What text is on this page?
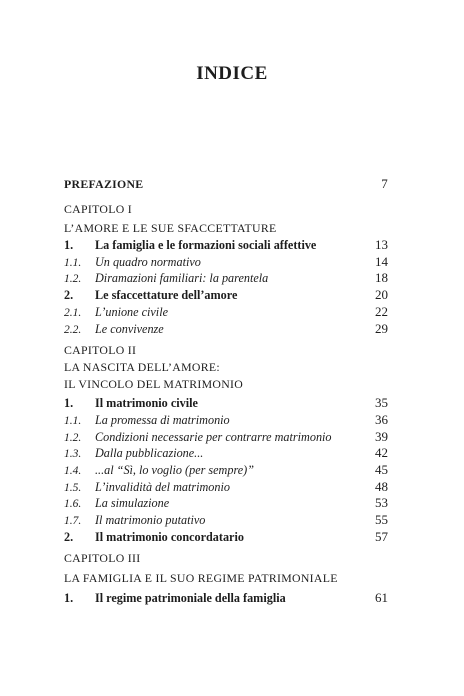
INDICE
PREFAZIONE	7
CAPITOLO I
L’AMORE E LE SUE SFACCETTATURE
1.	La famiglia e le formazioni sociali affettive	13
1.1.	Un quadro normativo	14
1.2.	Diramazioni familiari: la parentela	18
2.	Le sfaccettature dell’amore	20
2.1.	L’unione civile	22
2.2.	Le convivenze	29
CAPITOLO II
LA NASCITA DELL’AMORE:
IL VINCOLO DEL MATRIMONIO
1.	Il matrimonio civile	35
1.1.	La promessa di matrimonio	36
1.2.	Condizioni necessarie per contrarre matrimonio	39
1.3.	Dalla pubblicazione...	42
1.4.	...al “Sì, lo voglio (per sempre)”	45
1.5.	L’invalidità del matrimonio	48
1.6.	La simulazione	53
1.7.	Il matrimonio putativo	55
2.	Il matrimonio concordatario	57
CAPITOLO III
LA FAMIGLIA E IL SUO REGIME PATRIMONIALE
1.	Il regime patrimoniale della famiglia	61
